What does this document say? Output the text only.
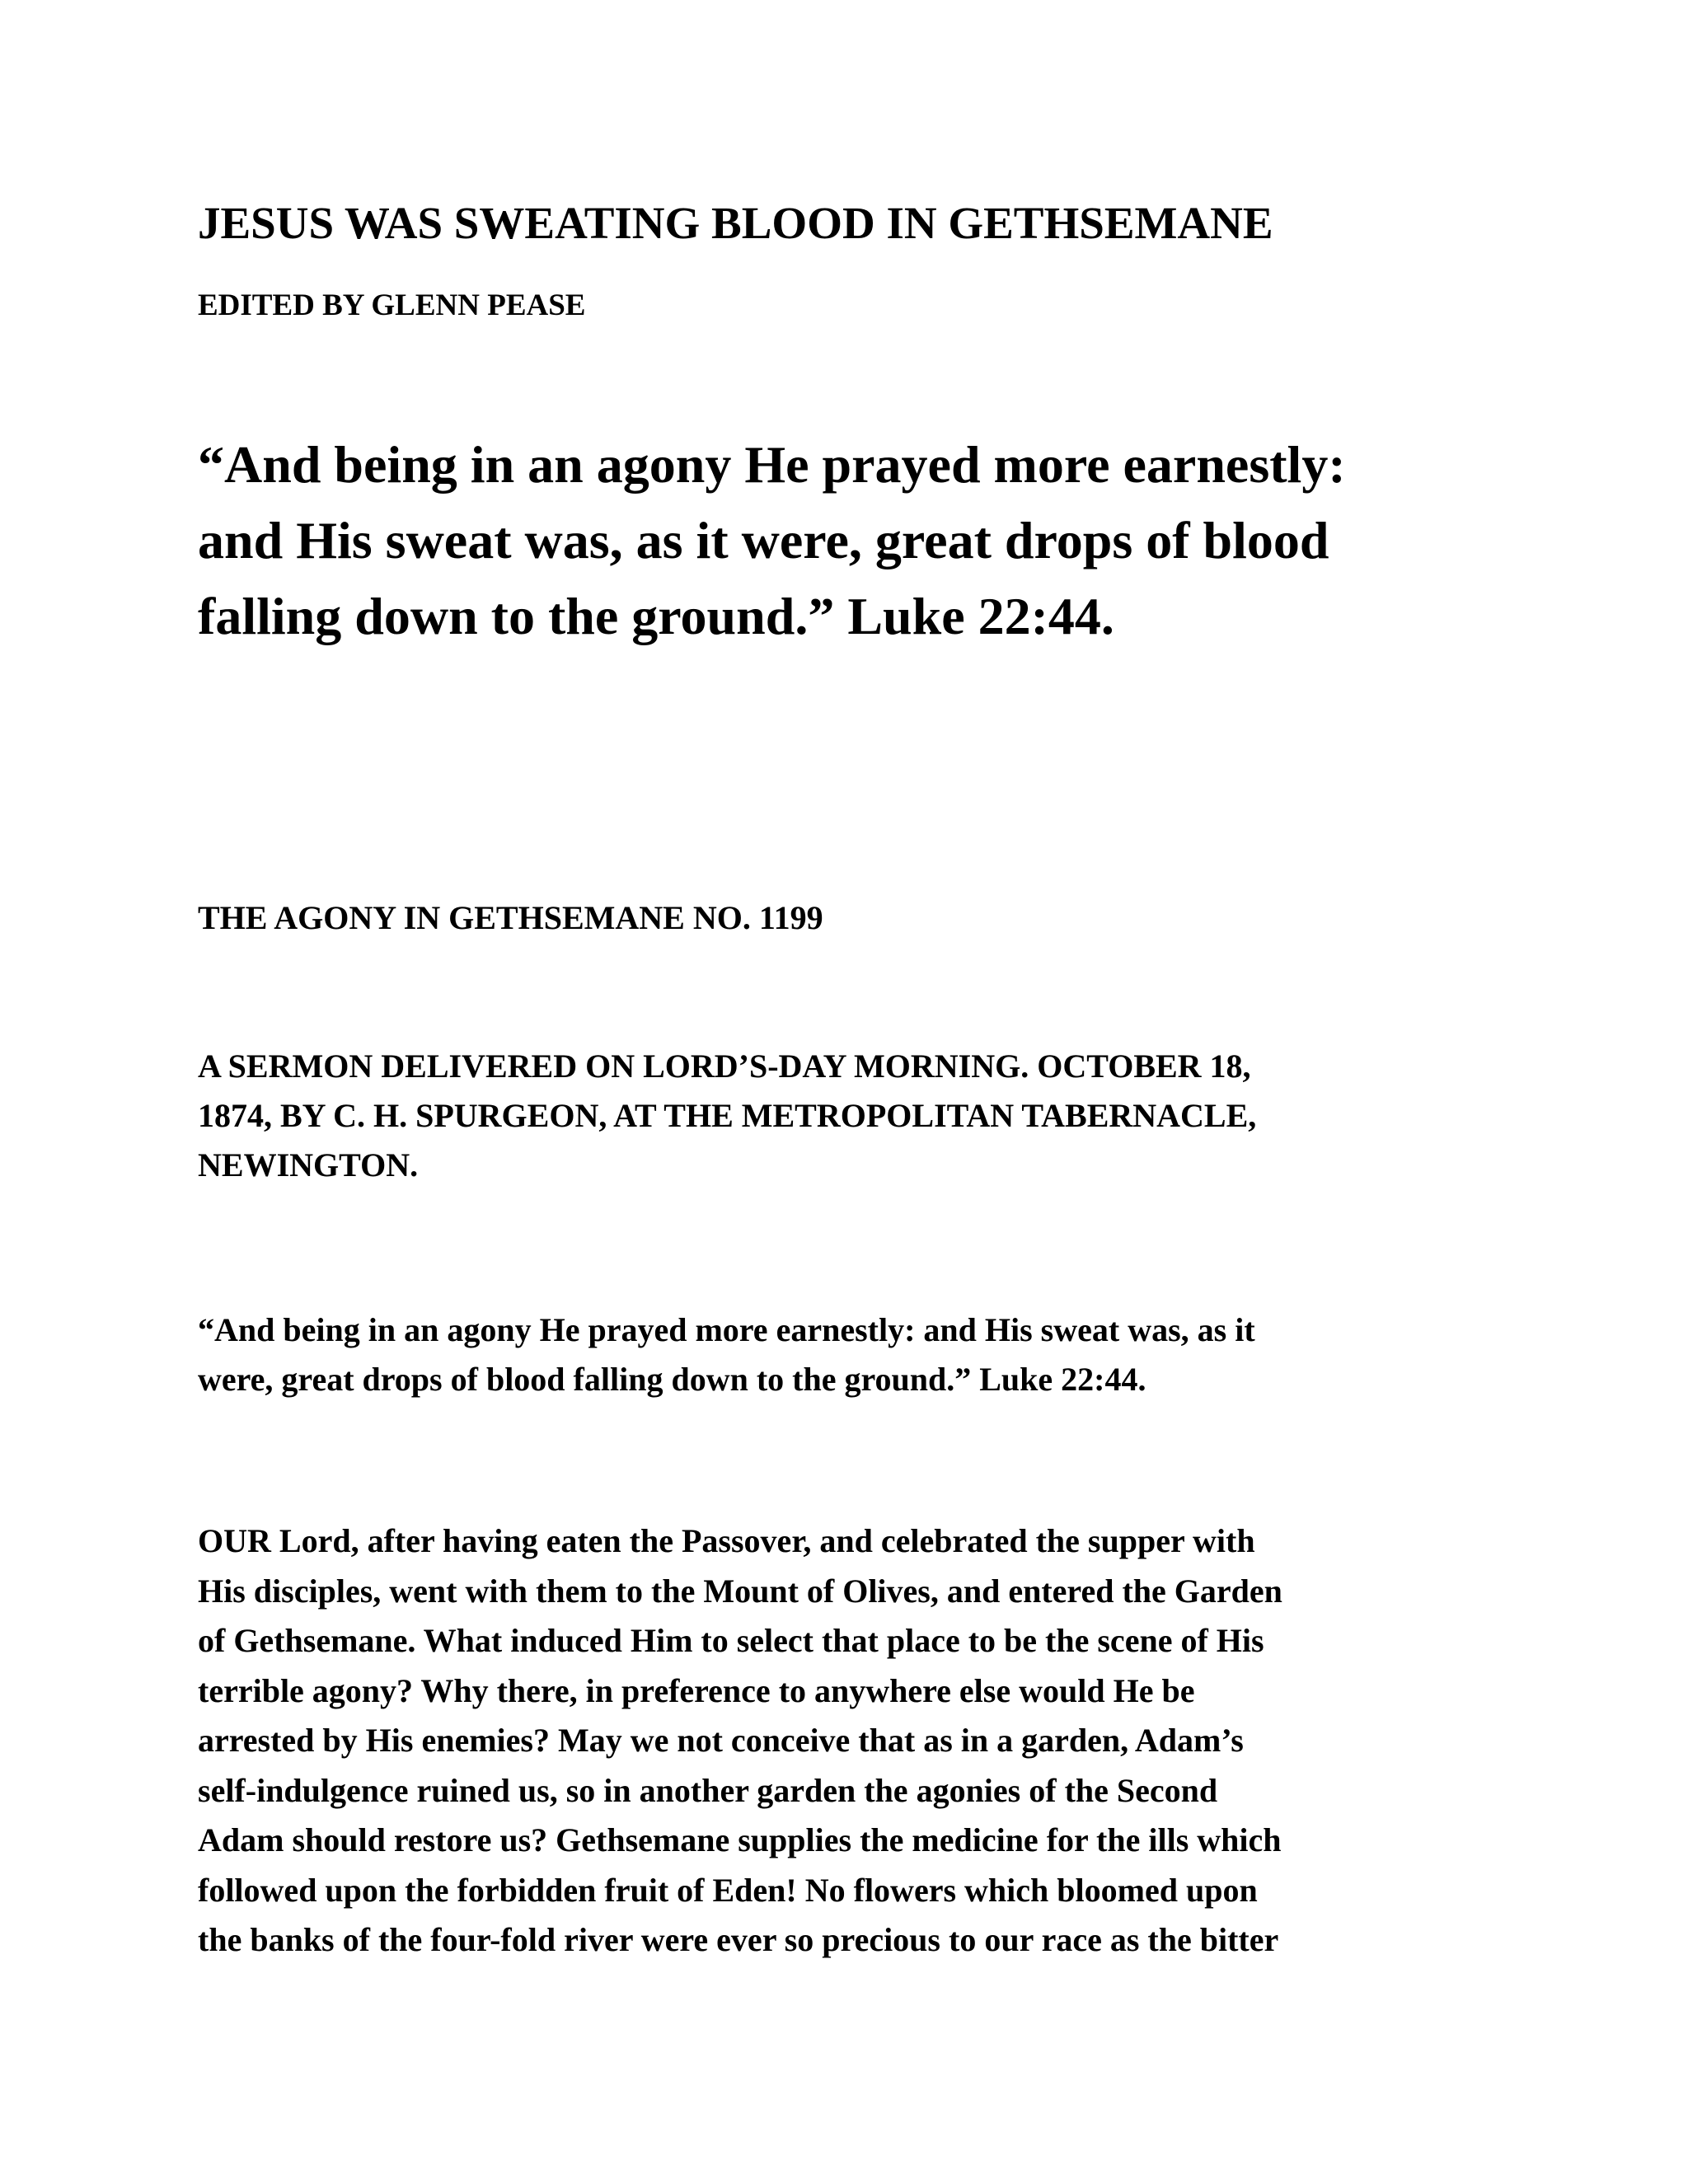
JESUS WAS SWEATING BLOOD IN GETHSEMANE
EDITED BY GLENN PEASE
“And being in an agony He prayed more earnestly:
and His sweat was, as it were, great drops of blood
falling down to the ground.” Luke 22:44.
THE AGONY IN GETHSEMANE NO. 1199
A SERMON DELIVERED ON LORD’S-DAY MORNING. OCTOBER 18,
1874, BY C. H. SPURGEON, AT THE METROPOLITAN TABERNACLE,
NEWINGTON.
“And being in an agony He prayed more earnestly: and His sweat was, as it
were, great drops of blood falling down to the ground.” Luke 22:44.
OUR Lord, after having eaten the Passover, and celebrated the supper with
His disciples, went with them to the Mount of Olives, and entered the Garden
of Gethsemane. What induced Him to select that place to be the scene of His
terrible agony? Why there, in preference to anywhere else would He be
arrested by His enemies? May we not conceive that as in a garden, Adam’s
self-indulgence ruined us, so in another garden the agonies of the Second
Adam should restore us? Gethsemane supplies the medicine for the ills which
followed upon the forbidden fruit of Eden! No flowers which bloomed upon
the banks of the four-fold river were ever so precious to our race as the bitter
